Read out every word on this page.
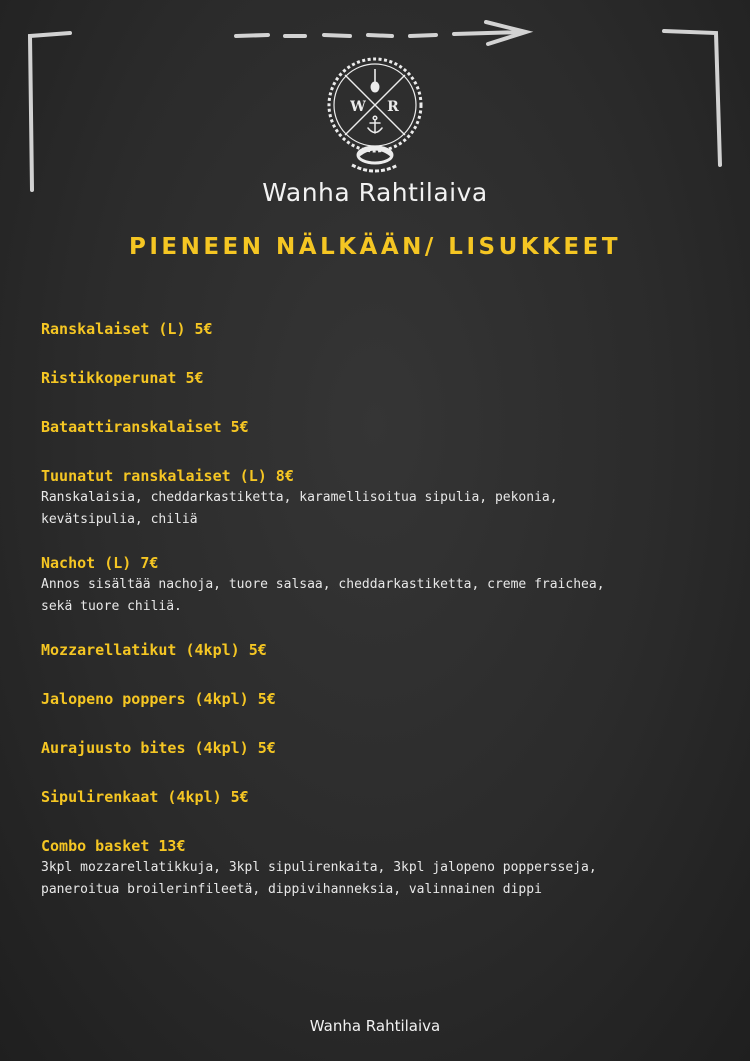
W R
Wanha Rahtilaiva
PIENEEN NÄLKÄÄN/ LISUKKEET
Ranskalaiset (L) 5€
Ristikkoperunat 5€
Bataattiranskalaiset 5€
Tuunatut ranskalaiset (L) 8€
Ranskalaisia, cheddarkastiketta, karamellisoitua sipulia, pekonia,
kevätsipulia, chiliä
Nachot (L) 7€
Annos sisältää nachoja, tuore salsaa, cheddarkastiketta, creme fraichea,
sekä tuore chiliä.
Mozzarellatikut (4kpl) 5€
Jalopeno poppers (4kpl) 5€
Aurajuusto bites (4kpl) 5€
Sipulirenkaat (4kpl) 5€
Combo basket 13€
3kpl mozzarellatikkuja, 3kpl sipulirenkaita, 3kpl jalopeno poppersseja,
paneroitua broilerinfileetä, dippivihanneksia, valinnainen dippi
Wanha Rahtilaiva
